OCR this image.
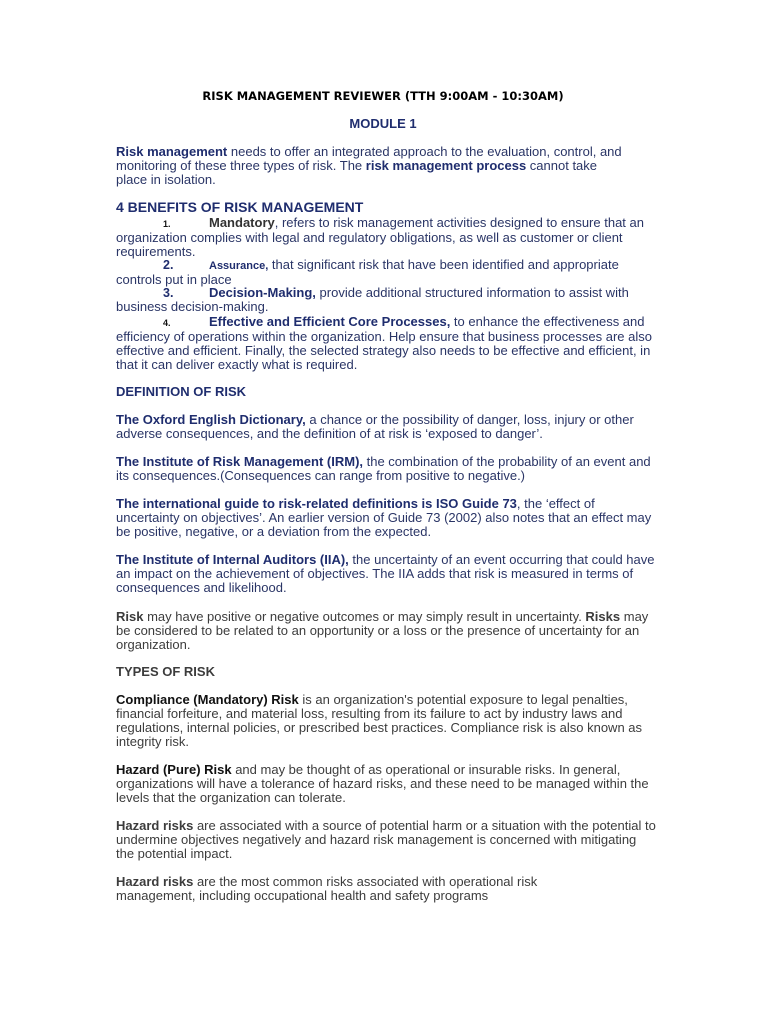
RISK MANAGEMENT REVIEWER (TTH 9:00AM - 10:30AM)
MODULE 1

Risk management needs to offer an integrated approach to the evaluation, control, and monitoring of these three types of risk. The risk management process cannot take

place in isolation.

4 BENEFITS OF RISK MANAGEMENT

1.	Mandatory, refers to risk management activities designed to ensure that an organization complies with legal and regulatory obligations, as well as customer or client requirements.

2.	Assurance, that significant risk that have been identified and appropriate controls put in place

3.	Decision-Making, provide additional structured information to assist with business decision-making.

4.	Effective and Efficient Core Processes, to enhance the effectiveness and efficiency of operations within the organization. Help ensure that business processes are also effective and efficient. Finally, the selected strategy also needs to be effective and efficient, in that it can deliver exactly what is required.

DEFINITION OF RISK

The Oxford English Dictionary, a chance or the possibility of danger, loss, injury or other adverse consequences, and the definition of at risk is ‘exposed to danger’.

The Institute of Risk Management (IRM), the combination of the probability of an event and its consequences.(Consequences can range from positive to negative.)

The international guide to risk-related definitions is ISO Guide 73, the ‘effect of uncertainty on objectives’. An earlier version of Guide 73 (2002) also notes that an effect may be positive, negative, or a deviation from the expected.

The Institute of Internal Auditors (IIA), the uncertainty of an event occurring that could have an impact on the achievement of objectives. The IIA adds that risk is measured in terms of consequences and likelihood.

Risk may have positive or negative outcomes or may simply result in uncertainty. Risks may be considered to be related to an opportunity or a loss or the presence of uncertainty for an organization.

TYPES OF RISK

Compliance (Mandatory) Risk is an organization's potential exposure to legal penalties, financial forfeiture, and material loss, resulting from its failure to act by industry laws and regulations, internal policies, or prescribed best practices. Compliance risk is also known as integrity risk.

Hazard (Pure) Risk and may be thought of as operational or insurable risks. In general, organizations will have a tolerance of hazard risks, and these need to be managed within the levels that the organization can tolerate.

Hazard risks are associated with a source of potential harm or a situation with the potential to undermine objectives negatively and hazard risk management is concerned with mitigating the potential impact.

Hazard risks are the most common risks associated with operational risk

management, including occupational health and safety programs
